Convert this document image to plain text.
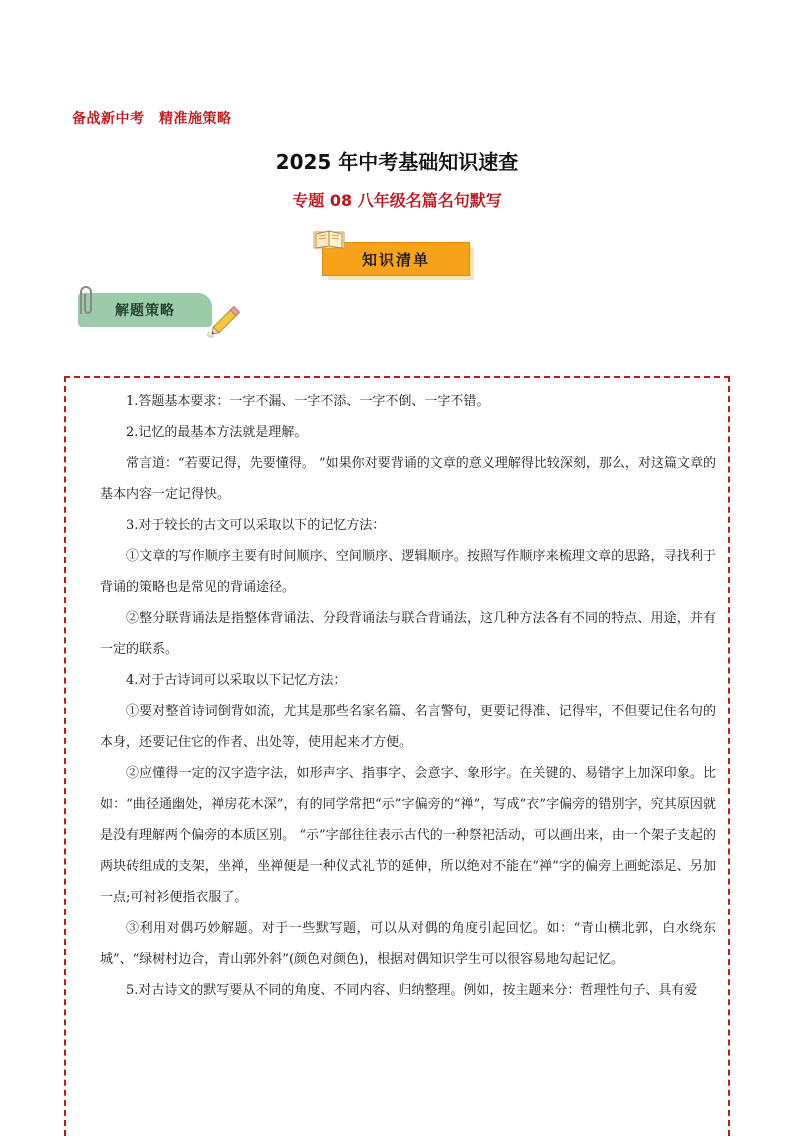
备战新中考　精准施策略
2025 年中考基础知识速查
专题 08 八年级名篇名句默写
知识清单
解题策略

1.答题基本要求：一字不漏、一字不添、一字不倒、一字不错。

2.记忆的最基本方法就是理解。

常言道：“若要记得，先要懂得。 ”如果你对要背诵的文章的意义理解得比较深刻，那么，对这篇文章的基本内容一定记得快。

3.对于较长的古文可以采取以下的记忆方法：

①文章的写作顺序主要有时间顺序、空间顺序、逻辑顺序。按照写作顺序来梳理文章的思路，寻找利于背诵的策略也是常见的背诵途径。

②整分联背诵法是指整体背诵法、分段背诵法与联合背诵法，这几种方法各有不同的特点、用途，并有一定的联系。

4.对于古诗词可以采取以下记忆方法：

①要对整首诗词倒背如流，尤其是那些名家名篇、名言警句，更要记得准、记得牢，不但要记住名句的本身，还要记住它的作者、出处等，使用起来才方便。

②应懂得一定的汉字造字法，如形声字、指事字、会意字、象形字。在关键的、易错字上加深印象。比如：“曲径通幽处，禅房花木深”，有的同学常把“示”字偏旁的“禅”，写成“衣”字偏旁的错别字，究其原因就是没有理解两个偏旁的本质区别。 “示”字部往往表示古代的一种祭祀活动，可以画出来，由一个架子支起的两块砖组成的支架，坐禅，坐禅便是一种仪式礼节的延伸，所以绝对不能在“禅”字的偏旁上画蛇添足、另加一点;可衬衫便指衣服了。

③利用对偶巧妙解题。对于一些默写题，可以从对偶的角度引起回忆。如：“青山横北郭，白水绕东城”、“绿树村边合，青山郭外斜”(颜色对颜色)，根据对偶知识学生可以很容易地勾起记忆。

5.对古诗文的默写要从不同的角度、不同内容、归纳整理。例如，按主题来分：哲理性句子、具有爱
